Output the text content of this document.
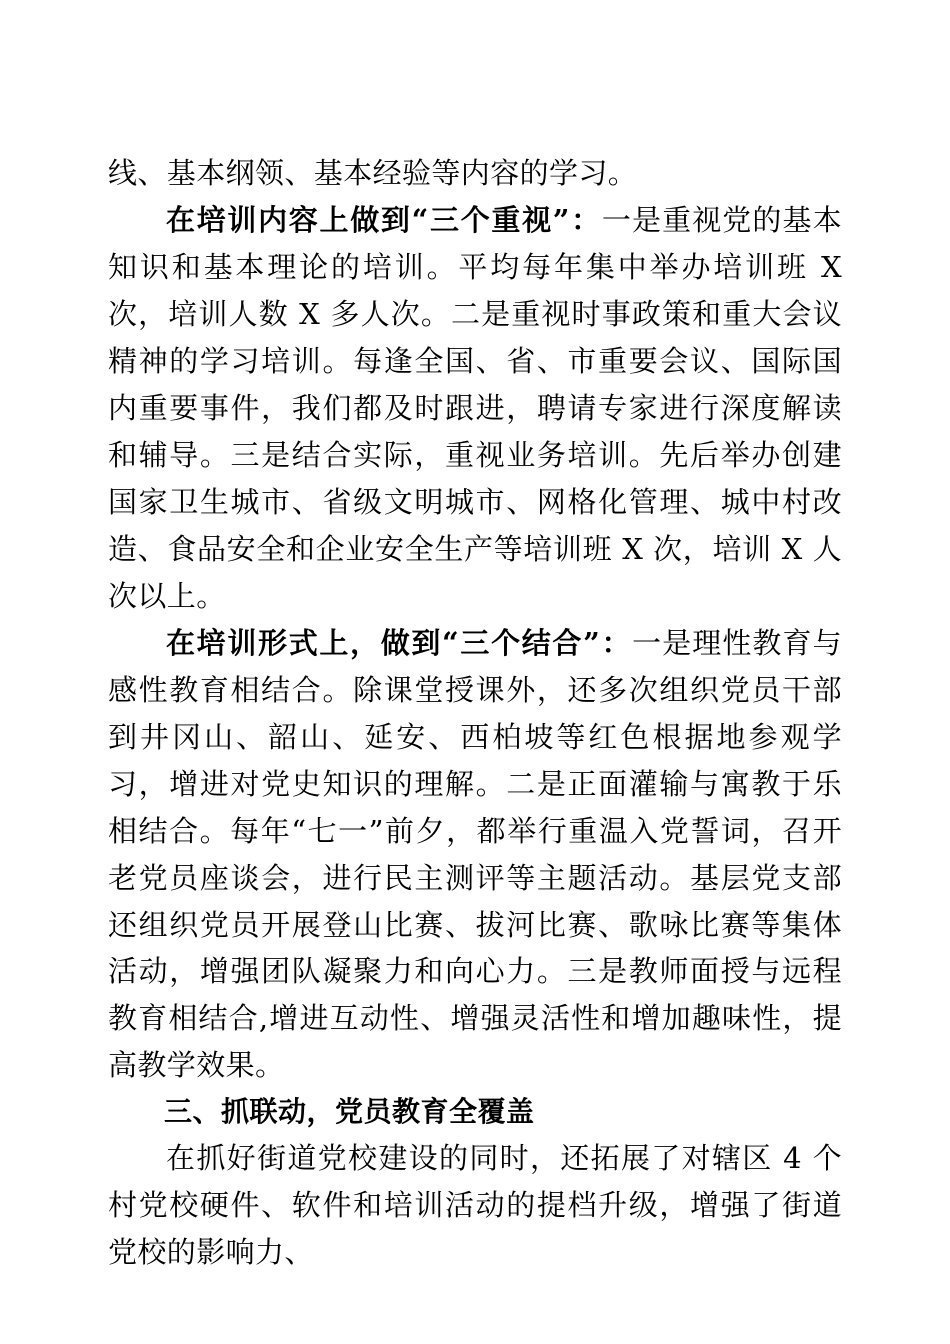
线、基本纲领、基本经验等内容的学习。

在培训内容上做到“三个重视”：一是重视党的基本知识和基本理论的培训。平均每年集中举办培训班 X 次，培训人数 X 多人次。二是重视时事政策和重大会议精神的学习培训。每逢全国、省、市重要会议、国际国内重要事件，我们都及时跟进，聘请专家进行深度解读和辅导。三是结合实际，重视业务培训。先后举办创建国家卫生城市、省级文明城市、网格化管理、城中村改造、食品安全和企业安全生产等培训班 X 次，培训 X 人次以上。

在培训形式上，做到“三个结合”：一是理性教育与感性教育相结合。除课堂授课外，还多次组织党员干部到井冈山、韶山、延安、西柏坡等红色根据地参观学习，增进对党史知识的理解。二是正面灌输与寓教于乐相结合。每年“七一”前夕，都举行重温入党誓词，召开老党员座谈会，进行民主测评等主题活动。基层党支部还组织党员开展登山比赛、拔河比赛、歌咏比赛等集体活动，增强团队凝聚力和向心力。三是教师面授与远程教育相结合,增进互动性、增强灵活性和增加趣味性，提高教学效果。

三、抓联动，党员教育全覆盖

在抓好街道党校建设的同时，还拓展了对辖区 4 个村党校硬件、软件和培训活动的提档升级，增强了街道党校的影响力、
